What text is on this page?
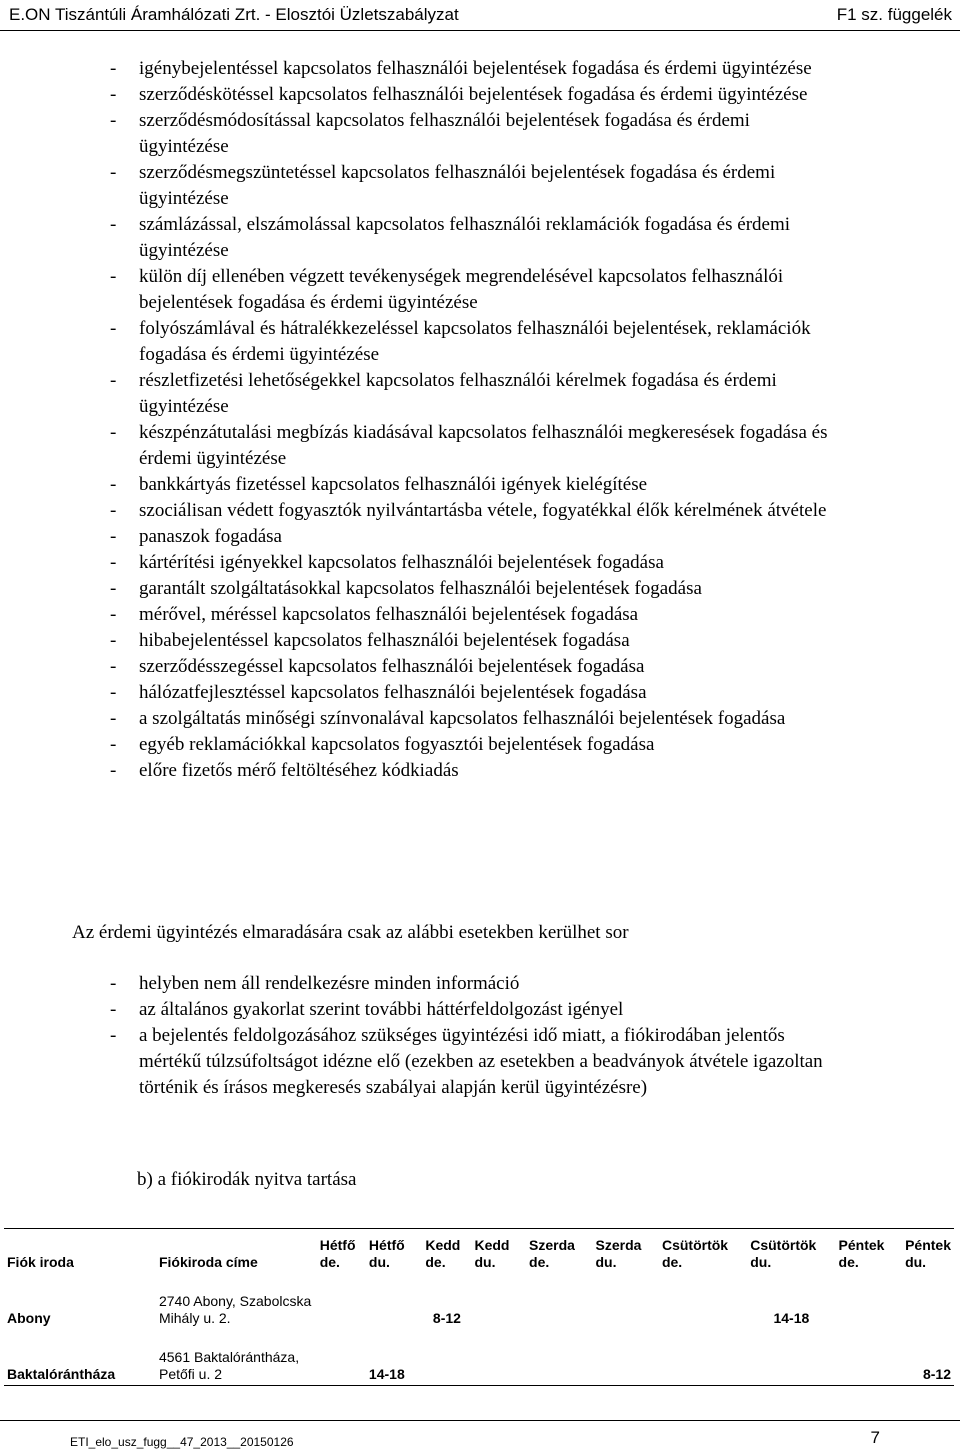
E.ON Tiszántúli Áramhálózati Zrt. - Elosztói Üzletszabályzat	F1 sz. függelék
- igénybejelentéssel kapcsolatos felhasználói bejelentések fogadása és érdemi ügyintézése
- szerződéskötéssel kapcsolatos felhasználói bejelentések fogadása és érdemi ügyintézése
- szerződésmódosítással kapcsolatos felhasználói bejelentések fogadása és érdemi ügyintézése
- szerződésmegszüntetéssel kapcsolatos felhasználói bejelentések fogadása és érdemi ügyintézése
- számlázással, elszámolással kapcsolatos felhasználói reklamációk fogadása és érdemi ügyintézése
- külön díj ellenében végzett tevékenységek megrendelésével kapcsolatos felhasználói bejelentések fogadása és érdemi ügyintézése
- folyószámlával és hátralékkezeléssel kapcsolatos felhasználói bejelentések, reklamációk fogadása és érdemi ügyintézése
- részletfizetési lehetőségekkel kapcsolatos felhasználói kérelmek fogadása és érdemi ügyintézése
- készpénzátutalási megbízás kiadásával kapcsolatos felhasználói megkeresések fogadása és érdemi ügyintézése
- bankkártyás fizetéssel kapcsolatos felhasználói igények kielégítése
- szociálisan védett fogyasztók nyilvántartásba vétele, fogyatékkal élők kérelmének átvétele
- panaszok fogadása
- kártérítési igényekkel kapcsolatos felhasználói bejelentések fogadása
- garantált szolgáltatásokkal kapcsolatos felhasználói bejelentések fogadása
- mérővel, méréssel kapcsolatos felhasználói bejelentések fogadása
- hibabejelentéssel kapcsolatos felhasználói bejelentések fogadása
- szerződésszegéssel kapcsolatos felhasználói bejelentések fogadása
- hálózatfejlesztéssel kapcsolatos felhasználói bejelentések fogadása
- a szolgáltatás minőségi színvonalával kapcsolatos felhasználói bejelentések fogadása
- egyéb reklamációkkal kapcsolatos fogyasztói bejelentések fogadása
- előre fizetős mérő feltöltéséhez kódkiadás
Az érdemi ügyintézés elmaradására csak az alábbi esetekben kerülhet sor
- helyben nem áll rendelkezésre minden információ
- az általános gyakorlat szerint további háttérfeldolgozást igényel
- a bejelentés feldolgozásához szükséges ügyintézési idő miatt, a fiókirodában jelentős mértékű túlzsúfoltságot idézne elő (ezekben az esetekben a beadványok átvétele igazoltan történik és írásos megkeresés szabályai alapján kerül ügyintézésre)
b) a fiókirodák nyitva tartása
Fiók iroda	Fiókiroda címe	Hétfő de.	Hétfő du.	Kedd de.	Kedd du.	Szerda de.	Szerda du.	Csütörtök de.	Csütörtök du.	Péntek de.	Péntek du.
Abony	2740 Abony, Szabolcska Mihály u. 2.			8-12					14-18		
Baktalórántháza	4561 Baktalórántháza, Petőfi u. 2		14-18								8-12
ETI_elo_usz_fugg__47_2013__20150126	7
